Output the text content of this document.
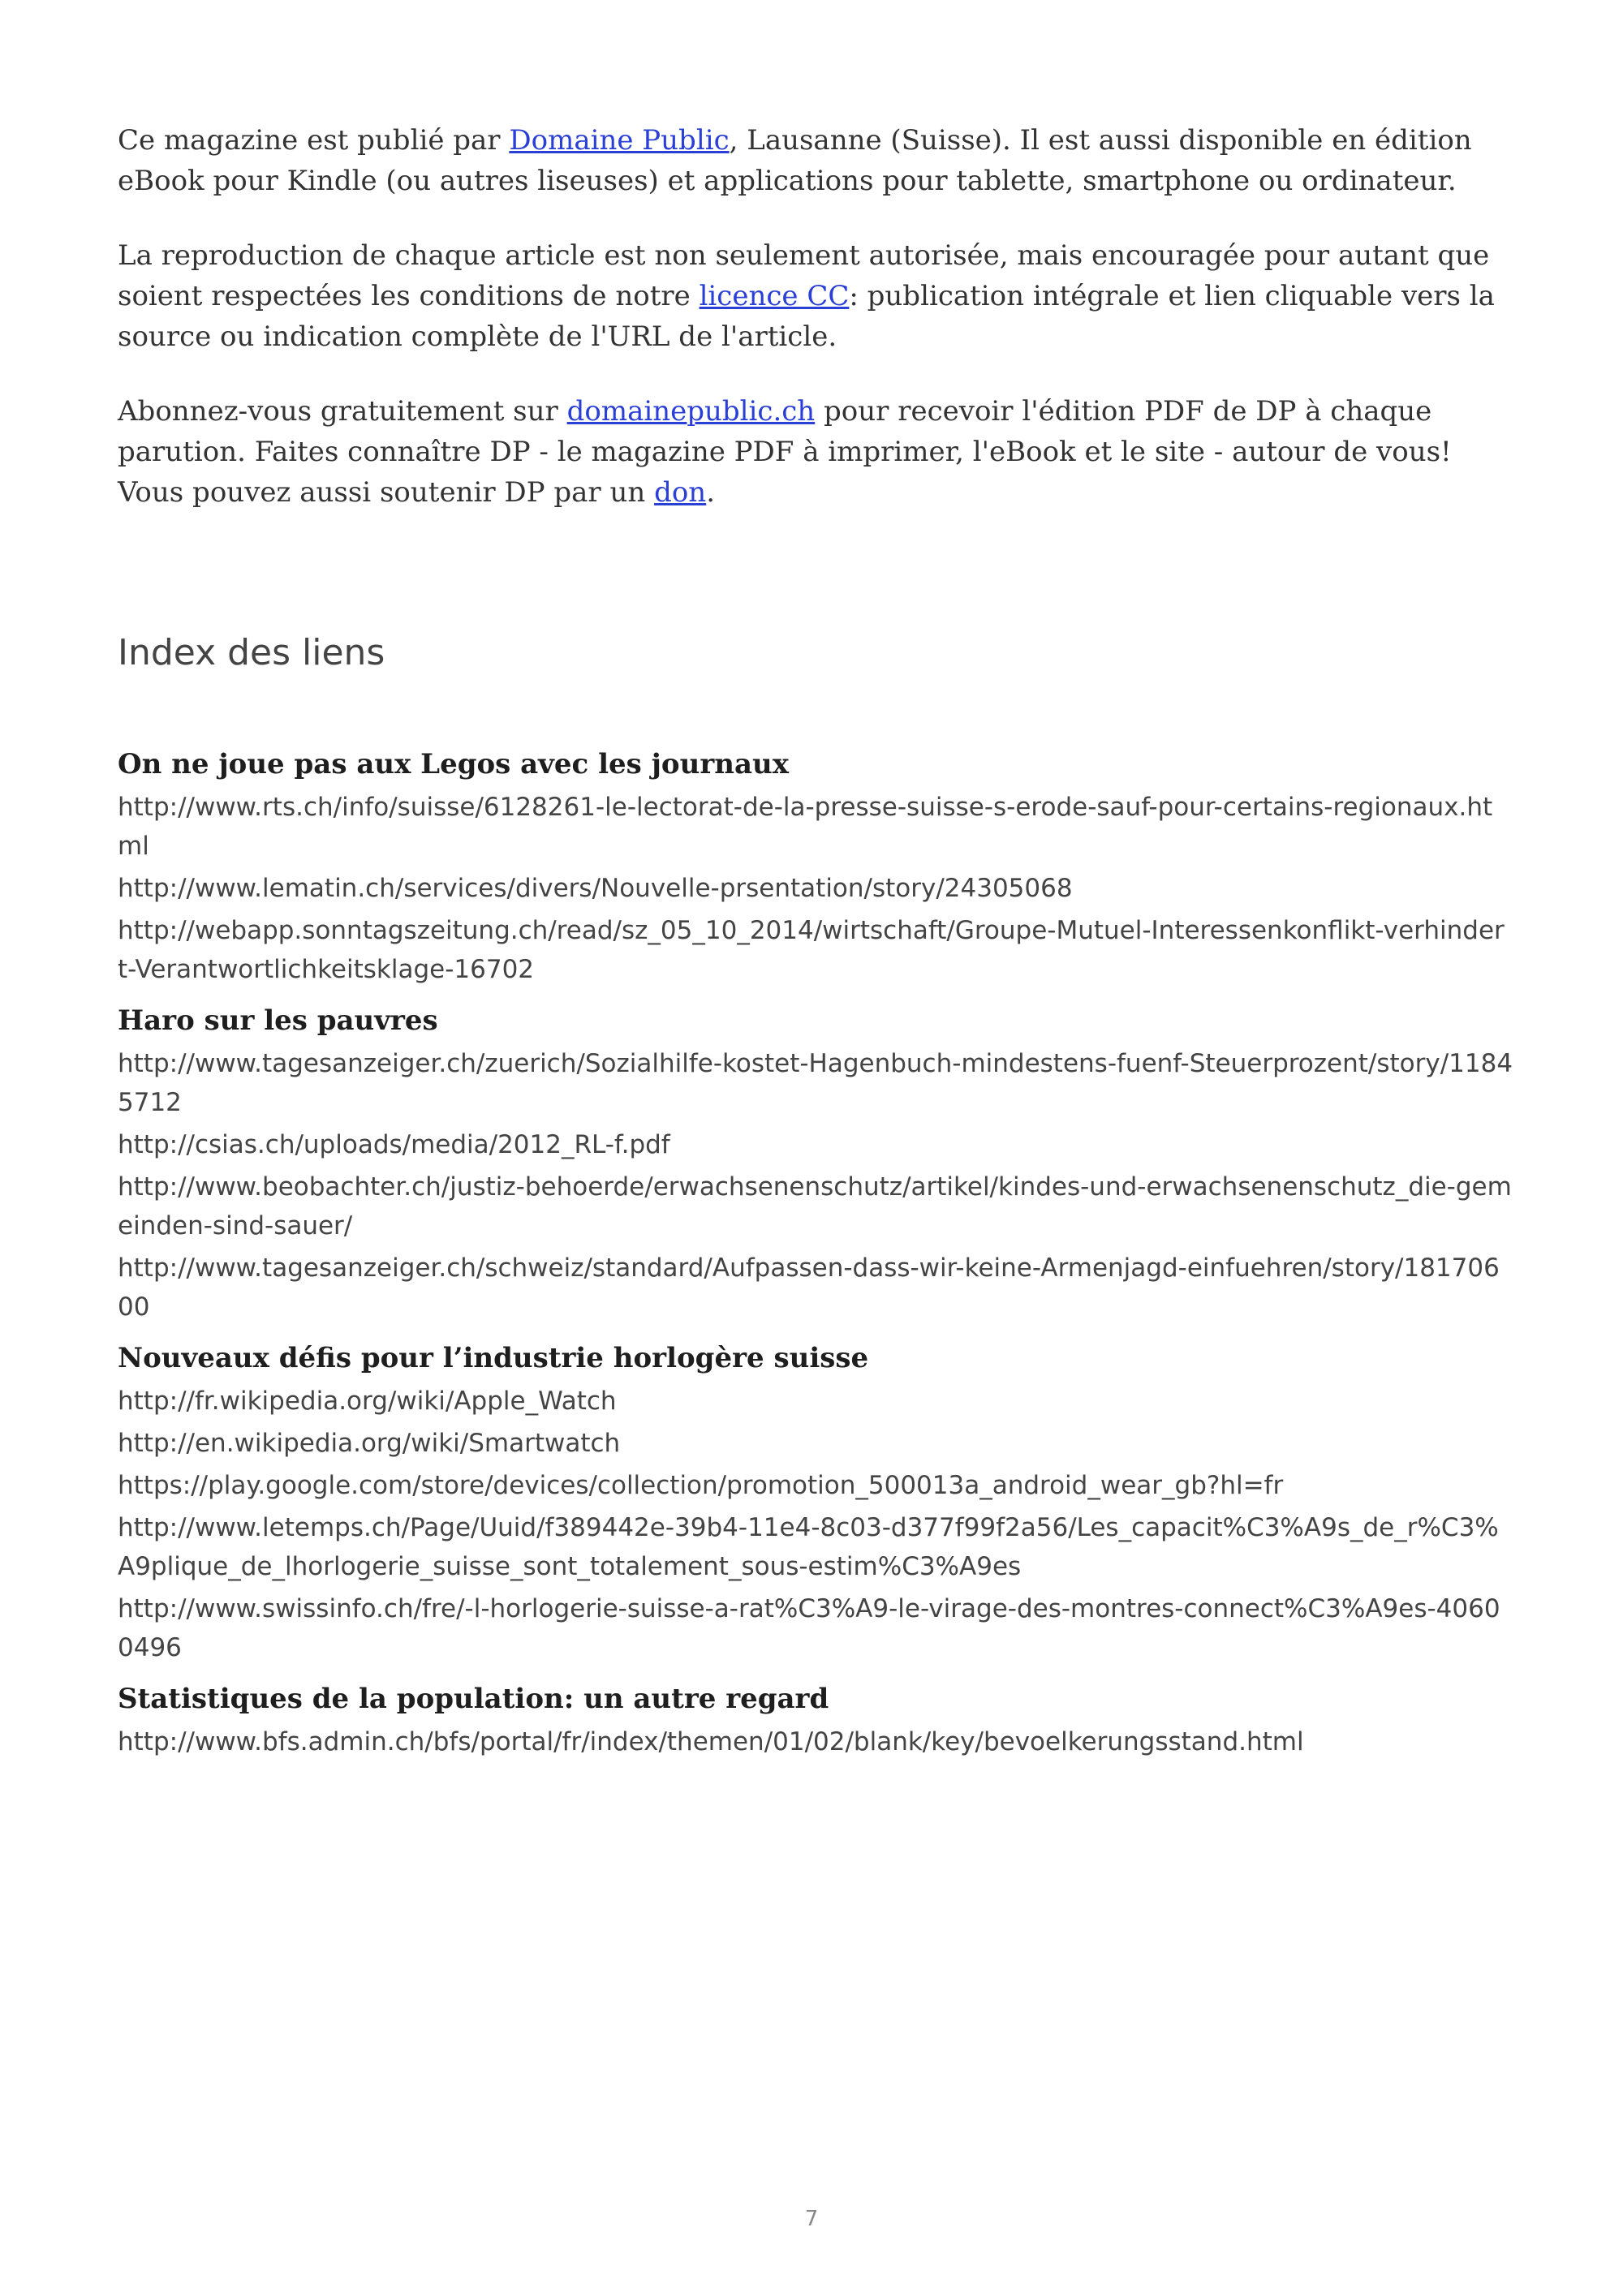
Ce magazine est publié par Domaine Public, Lausanne (Suisse). Il est aussi disponible en édition eBook pour Kindle (ou autres liseuses) et applications pour tablette, smartphone ou ordinateur.

La reproduction de chaque article est non seulement autorisée, mais encouragée pour autant que soient respectées les conditions de notre licence CC: publication intégrale et lien cliquable vers la source ou indication complète de l'URL de l'article.

Abonnez-vous gratuitement sur domainepublic.ch pour recevoir l'édition PDF de DP à chaque parution. Faites connaître DP - le magazine PDF à imprimer, l'eBook et le site - autour de vous! Vous pouvez aussi soutenir DP par un don.

Index des liens
On ne joue pas aux Legos avec les journaux
http://www.rts.ch/info/suisse/6128261-le-lectorat-de-la-presse-suisse-s-erode-sauf-pour-certains-regionaux.html
http://www.lematin.ch/services/divers/Nouvelle-prsentation/story/24305068
http://webapp.sonntagszeitung.ch/read/sz_05_10_2014/wirtschaft/Groupe-Mutuel-Interessenkonflikt-verhindert-Verantwortlichkeitsklage-16702
Haro sur les pauvres
http://www.tagesanzeiger.ch/zuerich/Sozialhilfe-kostet-Hagenbuch-mindestens-fuenf-Steuerprozent/story/11845712
http://csias.ch/uploads/media/2012_RL-f.pdf
http://www.beobachter.ch/justiz-behoerde/erwachsenenschutz/artikel/kindes-und-erwachsenenschutz_die-gemeinden-sind-sauer/
http://www.tagesanzeiger.ch/schweiz/standard/Aufpassen-dass-wir-keine-Armenjagd-einfuehren/story/18170600
Nouveaux défis pour l’industrie horlogère suisse
http://fr.wikipedia.org/wiki/Apple_Watch
http://en.wikipedia.org/wiki/Smartwatch
https://play.google.com/store/devices/collection/promotion_500013a_android_wear_gb?hl=fr
http://www.letemps.ch/Page/Uuid/f389442e-39b4-11e4-8c03-d377f99f2a56/Les_capacit%C3%A9s_de_r%C3%A9plique_de_lhorlogerie_suisse_sont_totalement_sous-estim%C3%A9es
http://www.swissinfo.ch/fre/-l-horlogerie-suisse-a-rat%C3%A9-le-virage-des-montres-connect%C3%A9es-40600496
Statistiques de la population: un autre regard
http://www.bfs.admin.ch/bfs/portal/fr/index/themen/01/02/blank/key/bevoelkerungsstand.html
7
